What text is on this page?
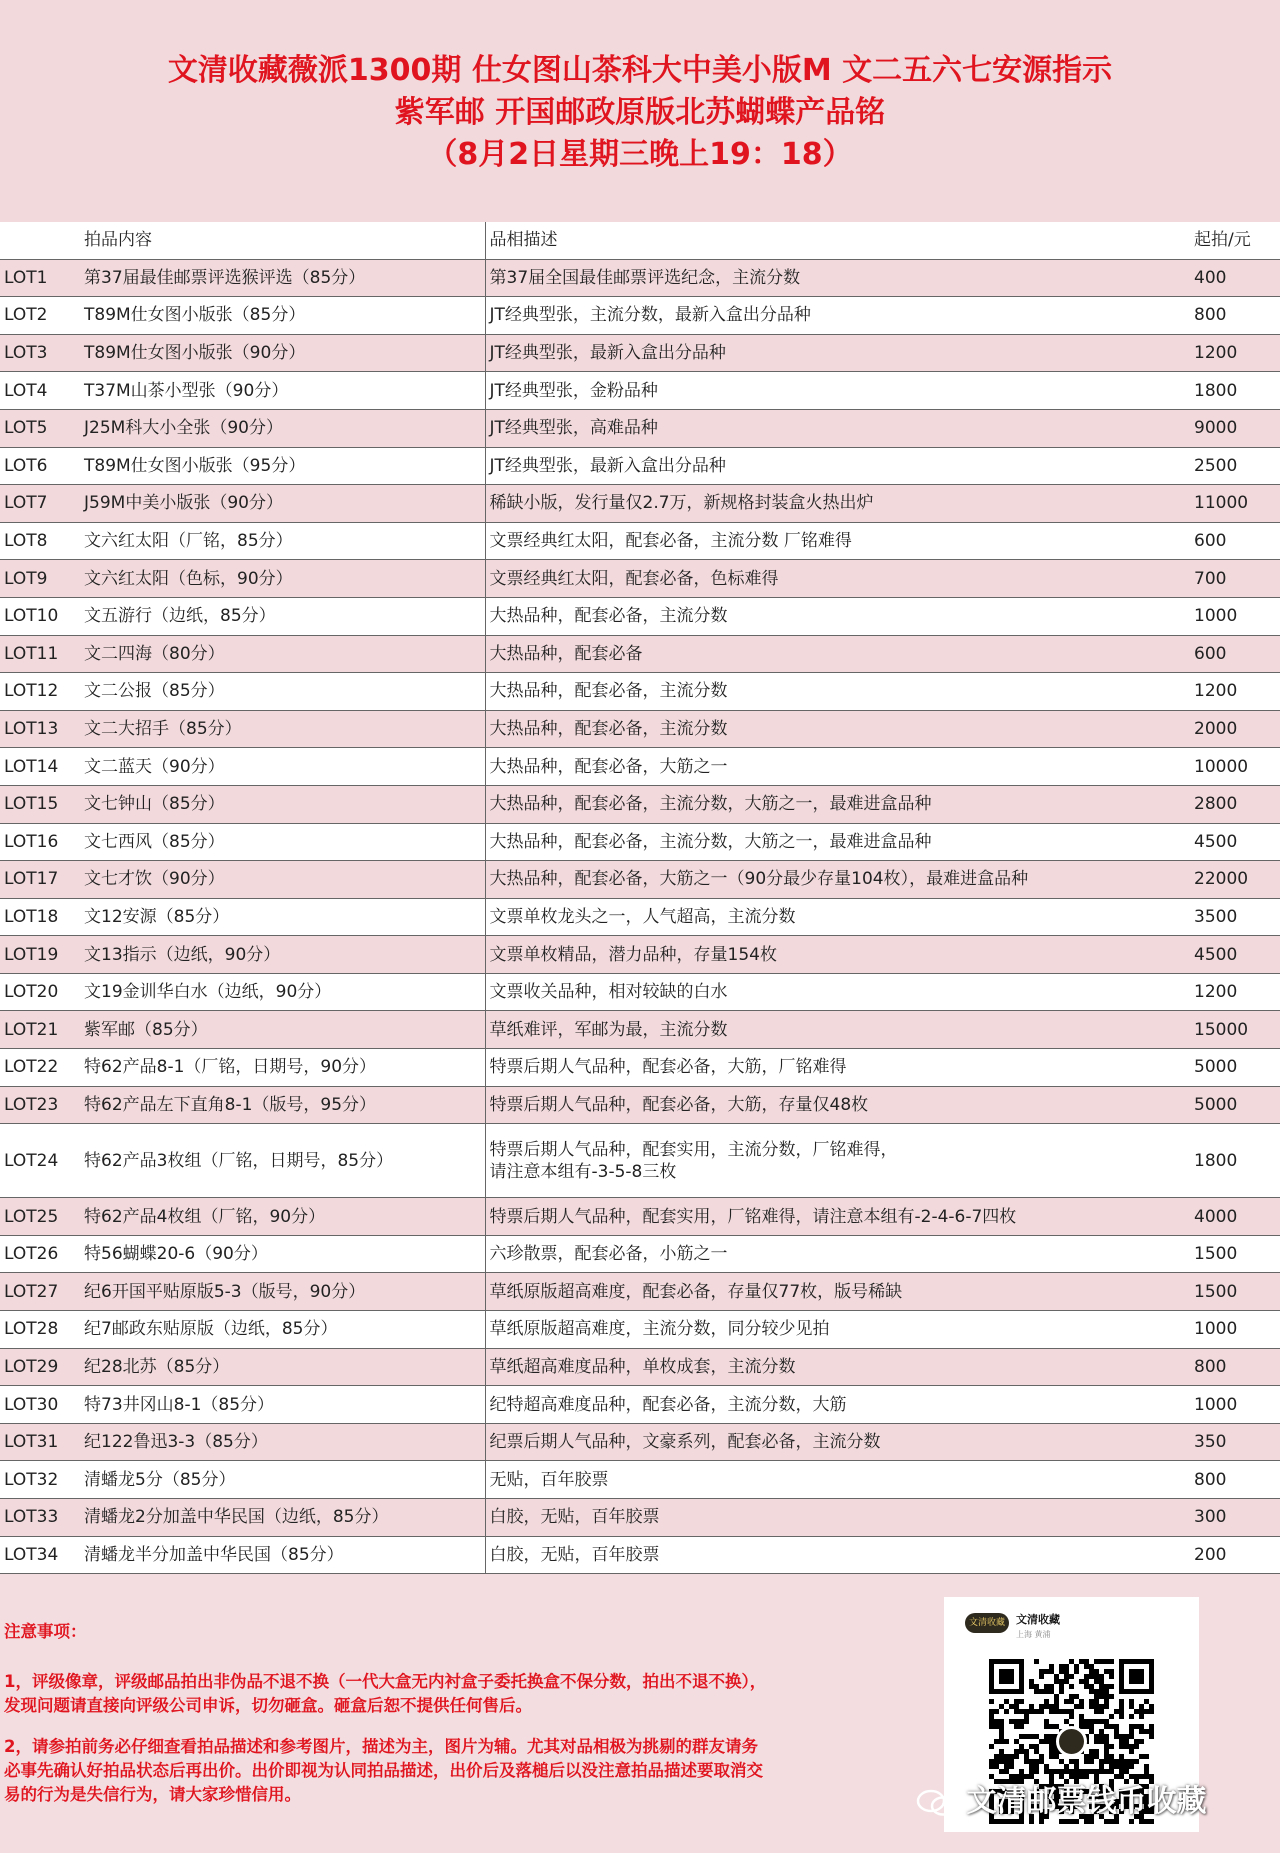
文清收藏薇派1300期 仕女图山茶科大中美小版M 文二五六七安源指示
紫军邮 开国邮政原版北苏蝴蝶产品铭
（8月2日星期三晚上19：18）
	拍品内容	品相描述	起拍/元
LOT1	第37届最佳邮票评选猴评选（85分）	第37届全国最佳邮票评选纪念，主流分数	400
LOT2	T89M仕女图小版张（85分）	JT经典型张，主流分数，最新入盒出分品种	800
LOT3	T89M仕女图小版张（90分）	JT经典型张，最新入盒出分品种	1200
LOT4	T37M山茶小型张（90分）	JT经典型张，金粉品种	1800
LOT5	J25M科大小全张（90分）	JT经典型张，高难品种	9000
LOT6	T89M仕女图小版张（95分）	JT经典型张，最新入盒出分品种	2500
LOT7	J59M中美小版张（90分）	稀缺小版，发行量仅2.7万，新规格封装盒火热出炉	11000
LOT8	文六红太阳（厂铭，85分）	文票经典红太阳，配套必备，主流分数 厂铭难得	600
LOT9	文六红太阳（色标，90分）	文票经典红太阳，配套必备，色标难得	700
LOT10	文五游行（边纸，85分）	大热品种，配套必备，主流分数	1000
LOT11	文二四海（80分）	大热品种，配套必备	600
LOT12	文二公报（85分）	大热品种，配套必备，主流分数	1200
LOT13	文二大招手（85分）	大热品种，配套必备，主流分数	2000
LOT14	文二蓝天（90分）	大热品种，配套必备，大筋之一	10000
LOT15	文七钟山（85分）	大热品种，配套必备，主流分数，大筋之一，最难进盒品种	2800
LOT16	文七西风（85分）	大热品种，配套必备，主流分数，大筋之一，最难进盒品种	4500
LOT17	文七才饮（90分）	大热品种，配套必备，大筋之一（90分最少存量104枚），最难进盒品种	22000
LOT18	文12安源（85分）	文票单枚龙头之一，人气超高，主流分数	3500
LOT19	文13指示（边纸，90分）	文票单枚精品，潜力品种，存量154枚	4500
LOT20	文19金训华白水（边纸，90分）	文票收关品种，相对较缺的白水	1200
LOT21	紫军邮（85分）	草纸难评，军邮为最，主流分数	15000
LOT22	特62产品8-1（厂铭，日期号，90分）	特票后期人气品种，配套必备，大筋，厂铭难得	5000
LOT23	特62产品左下直角8-1（版号，95分）	特票后期人气品种，配套必备，大筋，存量仅48枚	5000
LOT24	特62产品3枚组（厂铭，日期号，85分）	特票后期人气品种，配套实用，主流分数，厂铭难得，
请注意本组有-3-5-8三枚	1800
LOT25	特62产品4枚组（厂铭，90分）	特票后期人气品种，配套实用，厂铭难得，请注意本组有-2-4-6-7四枚	4000
LOT26	特56蝴蝶20-6（90分）	六珍散票，配套必备，小筋之一	1500
LOT27	纪6开国平贴原版5-3（版号，90分）	草纸原版超高难度，配套必备，存量仅77枚，版号稀缺	1500
LOT28	纪7邮政东贴原版（边纸，85分）	草纸原版超高难度，主流分数，同分较少见拍	1000
LOT29	纪28北苏（85分）	草纸超高难度品种，单枚成套，主流分数	800
LOT30	特73井冈山8-1（85分）	纪特超高难度品种，配套必备，主流分数，大筋	1000
LOT31	纪122鲁迅3-3（85分）	纪票后期人气品种，文豪系列，配套必备，主流分数	350
LOT32	清蟠龙5分（85分）	无贴，百年胶票	800
LOT33	清蟠龙2分加盖中华民国（边纸，85分）	白胶，无贴，百年胶票	300
LOT34	清蟠龙半分加盖中华民国（85分）	白胶，无贴，百年胶票	200

注意事项：

1，评级像章，评级邮品拍出非伪品不退不换（一代大盒无内衬盒子委托换盒不保分数，拍出不退不换），发现问题请直接向评级公司申诉，切勿砸盒。砸盒后恕不提供任何售后。

2，请参拍前务必仔细查看拍品描述和参考图片，描述为主，图片为辅。尤其对品相极为挑剔的群友请务必事先确认好拍品状态后再出价。出价即视为认同拍品描述，出价后及落槌后以没注意拍品描述要取消交易的行为是失信行为，请大家珍惜信用。

文清收藏	文清收藏
上海 黄浦
文清邮票钱币收藏
